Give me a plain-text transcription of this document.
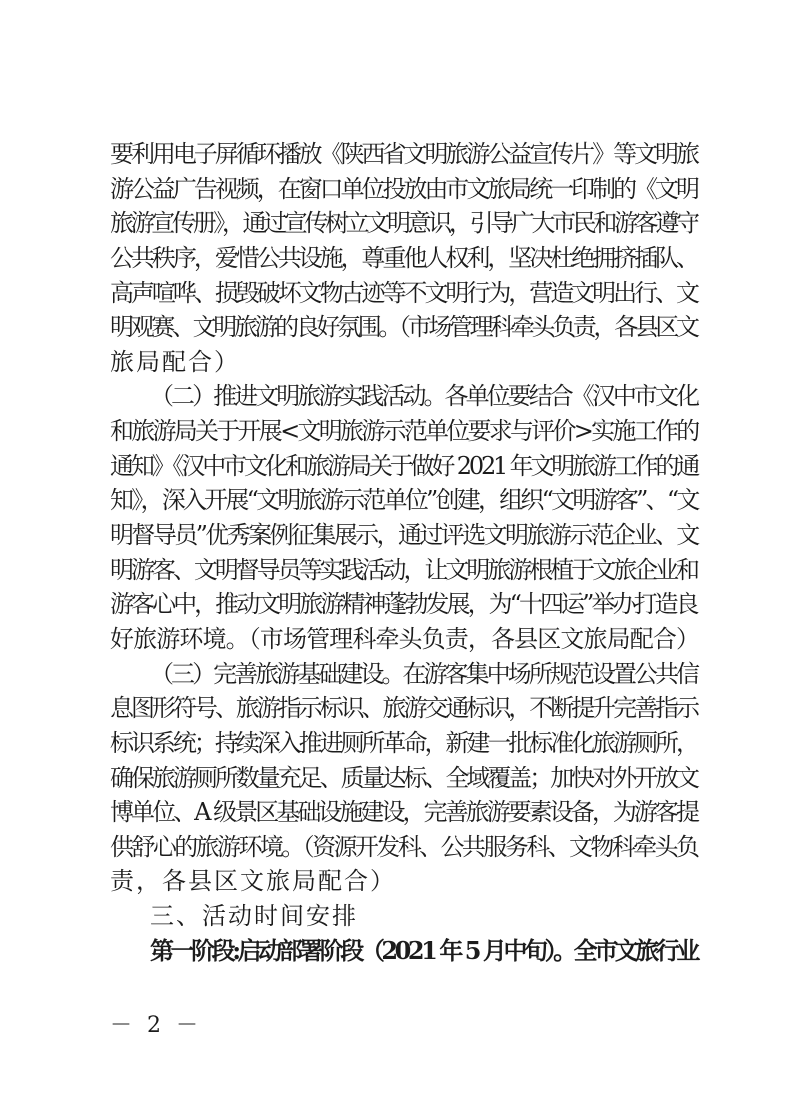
要利用电子屏循环播放《陕西省文明旅游公益宣传片》等文明旅
游公益广告视频，在窗口单位投放由市文旅局统一印制的《文明
旅游宣传册》，通过宣传树立文明意识，引导广大市民和游客遵守
公共秩序，爱惜公共设施，尊重他人权利，坚决杜绝拥挤插队、
高声喧哗、损毁破坏文物古迹等不文明行为，营造文明出行、文
明观赛、文明旅游的良好氛围。（市场管理科牵头负责，各县区文
旅局配合）
（二）推进文明旅游实践活动。各单位要结合《汉中市文化
和旅游局关于开展<文明旅游示范单位要求与评价>实施工作的
通知》《汉中市文化和旅游局关于做好 2021 年文明旅游工作的通
知》，深入开展“文明旅游示范单位”创建，组织“文明游客”、“文
明督导员”优秀案例征集展示，通过评选文明旅游示范企业、文
明游客、文明督导员等实践活动，让文明旅游根植于文旅企业和
游客心中，推动文明旅游精神蓬勃发展，为“十四运”举办打造良
好旅游环境。（市场管理科牵头负责，各县区文旅局配合）
（三）完善旅游基础建设。在游客集中场所规范设置公共信
息图形符号、旅游指示标识、旅游交通标识，不断提升完善指示
标识系统；持续深入推进厕所革命，新建一批标准化旅游厕所，
确保旅游厕所数量充足、质量达标、全域覆盖；加快对外开放文
博单位、A 级景区基础设施建设，完善旅游要素设备，为游客提
供舒心的旅游环境。（资源开发科、公共服务科、文物科牵头负
责，各县区文旅局配合）
三、活动时间安排
第一阶段:启动部署阶段（2021 年 5 月中旬）。全市文旅行业
－ 2 －
